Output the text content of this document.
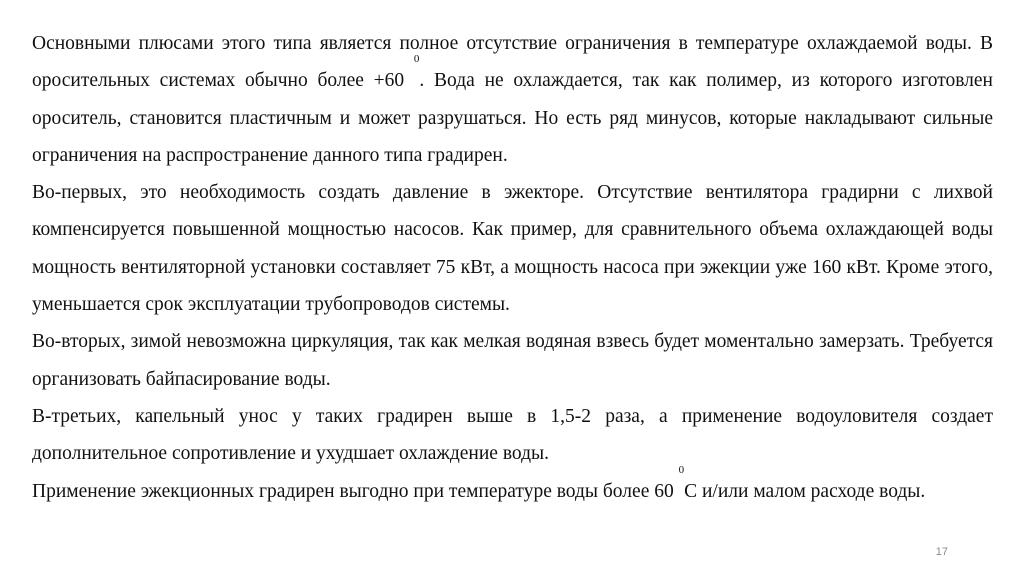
Основными плюсами этого типа является полное отсутствие ограничения в температуре охлаждаемой воды. В оросительных системах обычно более +60 $^0$. Вода не охлаждается, так как полимер, из которого изготовлен ороситель, становится пластичным и может разрушаться. Но есть ряд минусов, которые накладывают сильные ограничения на распространение данного типа градирен.

Во-первых, это необходимость создать давление в эжекторе. Отсутствие вентилятора градирни с лихвой компенсируется повышенной мощностью насосов. Как пример, для сравнительного объема охлаждающей воды мощность вентиляторной установки составляет 75 кВт, а мощность насоса при эжекции уже 160 кВт. Кроме этого, уменьшается срок эксплуатации трубопроводов системы.

Во-вторых, зимой невозможна циркуляция, так как мелкая водяная взвесь будет моментально замерзать. Требуется организовать байпасирование воды.

В-третьих, капельный унос у таких градирен выше в 1,5-2 раза, а применение водоуловителя создает дополнительное сопротивление и ухудшает охлаждение воды.

Применение эжекционных градирен выгодно при температуре воды более 60 $^0$С и/или малом расходе воды.

17
